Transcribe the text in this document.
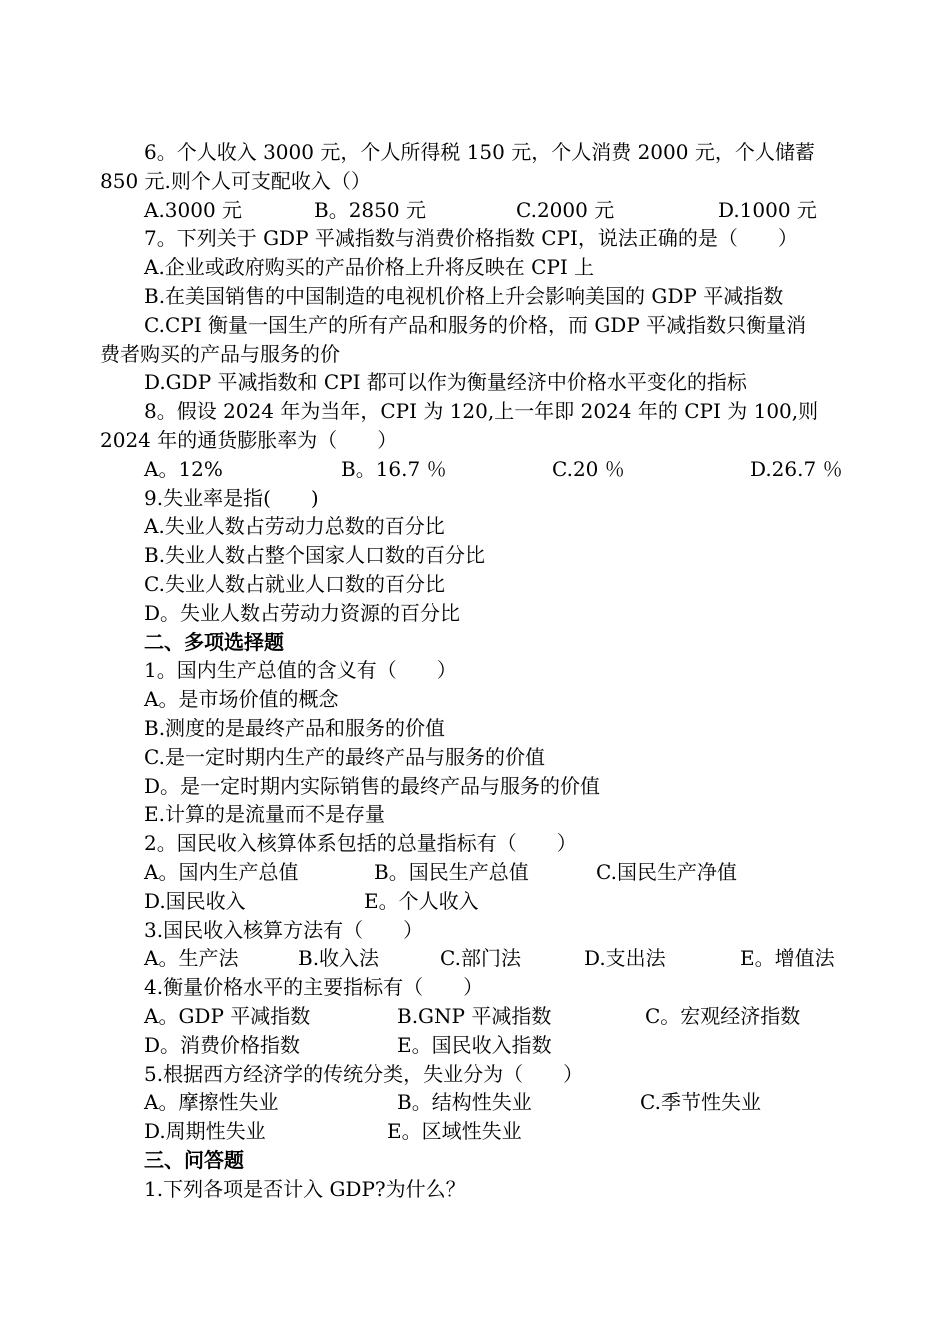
6。个人收入 3000 元，个人所得税 150 元，个人消费 2000 元，个人储蓄
850 元.则个人可支配收入（）
A.3000 元	B。2850 元	C.2000 元	D.1000 元
7。下列关于 GDP 平减指数与消费价格指数 CPI，说法正确的是（　　）
A.企业或政府购买的产品价格上升将反映在 CPI 上
B.在美国销售的中国制造的电视机价格上升会影响美国的 GDP 平减指数
C.CPI 衡量一国生产的所有产品和服务的价格，而 GDP 平减指数只衡量消
费者购买的产品与服务的价
D.GDP 平减指数和 CPI 都可以作为衡量经济中价格水平变化的指标
8。假设 2024 年为当年，CPI 为 120,上一年即 2024 年的 CPI 为 100,则
2024 年的通货膨胀率为（　　）
A。12%	B。16.7 ％	C.20 ％	D.26.7 ％
9.失业率是指(　　)
A.失业人数占劳动力总数的百分比
B.失业人数占整个国家人口数的百分比
C.失业人数占就业人口数的百分比
D。失业人数占劳动力资源的百分比
二、多项选择题
1。国内生产总值的含义有（　　）
A。是市场价值的概念
B.测度的是最终产品和服务的价值
C.是一定时期内生产的最终产品与服务的价值
D。是一定时期内实际销售的最终产品与服务的价值
E.计算的是流量而不是存量
2。国民收入核算体系包括的总量指标有（　　）
A。国内生产总值	B。国民生产总值	C.国民生产净值
D.国民收入	E。个人收入
3.国民收入核算方法有（　　）
A。生产法	B.收入法	C.部门法	D.支出法	E。增值法
4.衡量价格水平的主要指标有（　　）
A。GDP 平减指数	B.GNP 平减指数	C。宏观经济指数
D。消费价格指数	E。国民收入指数
5.根据西方经济学的传统分类，失业分为（　　）
A。摩擦性失业	B。结构性失业	C.季节性失业
D.周期性失业	E。区域性失业
三、问答题
1.下列各项是否计入 GDP?为什么？
